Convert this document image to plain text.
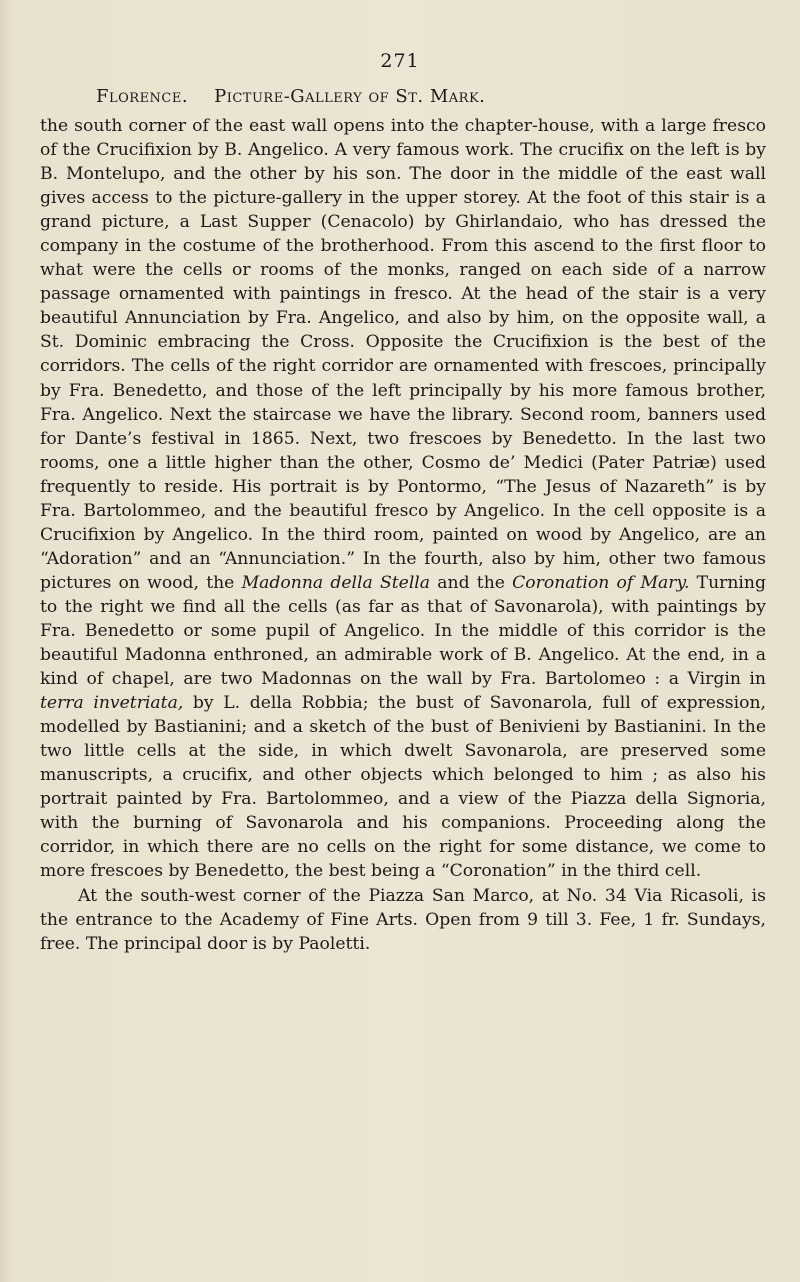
271
Florence. Picture-Gallery of St. Mark.

the south corner of the east wall opens into the chapter-house, with a large fresco of the Crucifixion by B. Angelico. A very famous work. The crucifix on the left is by B. Montelupo, and the other by his son. The door in the middle of the east wall gives access to the picture-gallery in the upper storey. At the foot of this stair is a grand picture, a Last Supper (Cenacolo) by Ghirlandaio, who has dressed the company in the costume of the brotherhood. From this ascend to the first floor to what were the cells or rooms of the monks, ranged on each side of a narrow passage ornamented with paintings in fresco. At the head of the stair is a very beautiful Annunciation by Fra. Angelico, and also by him, on the opposite wall, a St. Dominic embracing the Cross. Opposite the Crucifixion is the best of the corridors. The cells of the right corridor are ornamented with frescoes, principally by Fra. Benedetto, and those of the left principally by his more famous brother, Fra. Angelico. Next the staircase we have the library. Second room, banners used for Dante’s festival in 1865. Next, two frescoes by Benedetto. In the last two rooms, one a little higher than the other, Cosmo de’ Medici (Pater Patriæ) used frequently to reside. His portrait is by Pontormo, “The Jesus of Nazareth” is by Fra. Bartolommeo, and the beautiful fresco by Angelico. In the cell opposite is a Crucifixion by Angelico. In the third room, painted on wood by Angelico, are an “Adoration” and an “Annunciation.” In the fourth, also by him, other two famous pictures on wood, the Madonna della Stella and the Coronation of Mary. Turning to the right we find all the cells (as far as that of Savonarola), with paintings by Fra. Benedetto or some pupil of Angelico. In the middle of this corridor is the beautiful Madonna enthroned, an admirable work of B. Angelico. At the end, in a kind of chapel, are two Madonnas on the wall by Fra. Bartolomeo : a Virgin in terra invetriata, by L. della Robbia; the bust of Savonarola, full of expression, modelled by Bastianini; and a sketch of the bust of Benivieni by Bastianini. In the two little cells at the side, in which dwelt Savonarola, are preserved some manuscripts, a crucifix, and other objects which belonged to him ; as also his portrait painted by Fra. Bartolommeo, and a view of the Piazza della Signoria, with the burning of Savonarola and his companions. Proceeding along the corridor, in which there are no cells on the right for some distance, we come to more frescoes by Benedetto, the best being a “Coronation” in the third cell.

At the south-west corner of the Piazza San Marco, at No. 34 Via Ricasoli, is the entrance to the Academy of Fine Arts. Open from 9 till 3. Fee, 1 fr. Sundays, free. The principal door is by Paoletti.
